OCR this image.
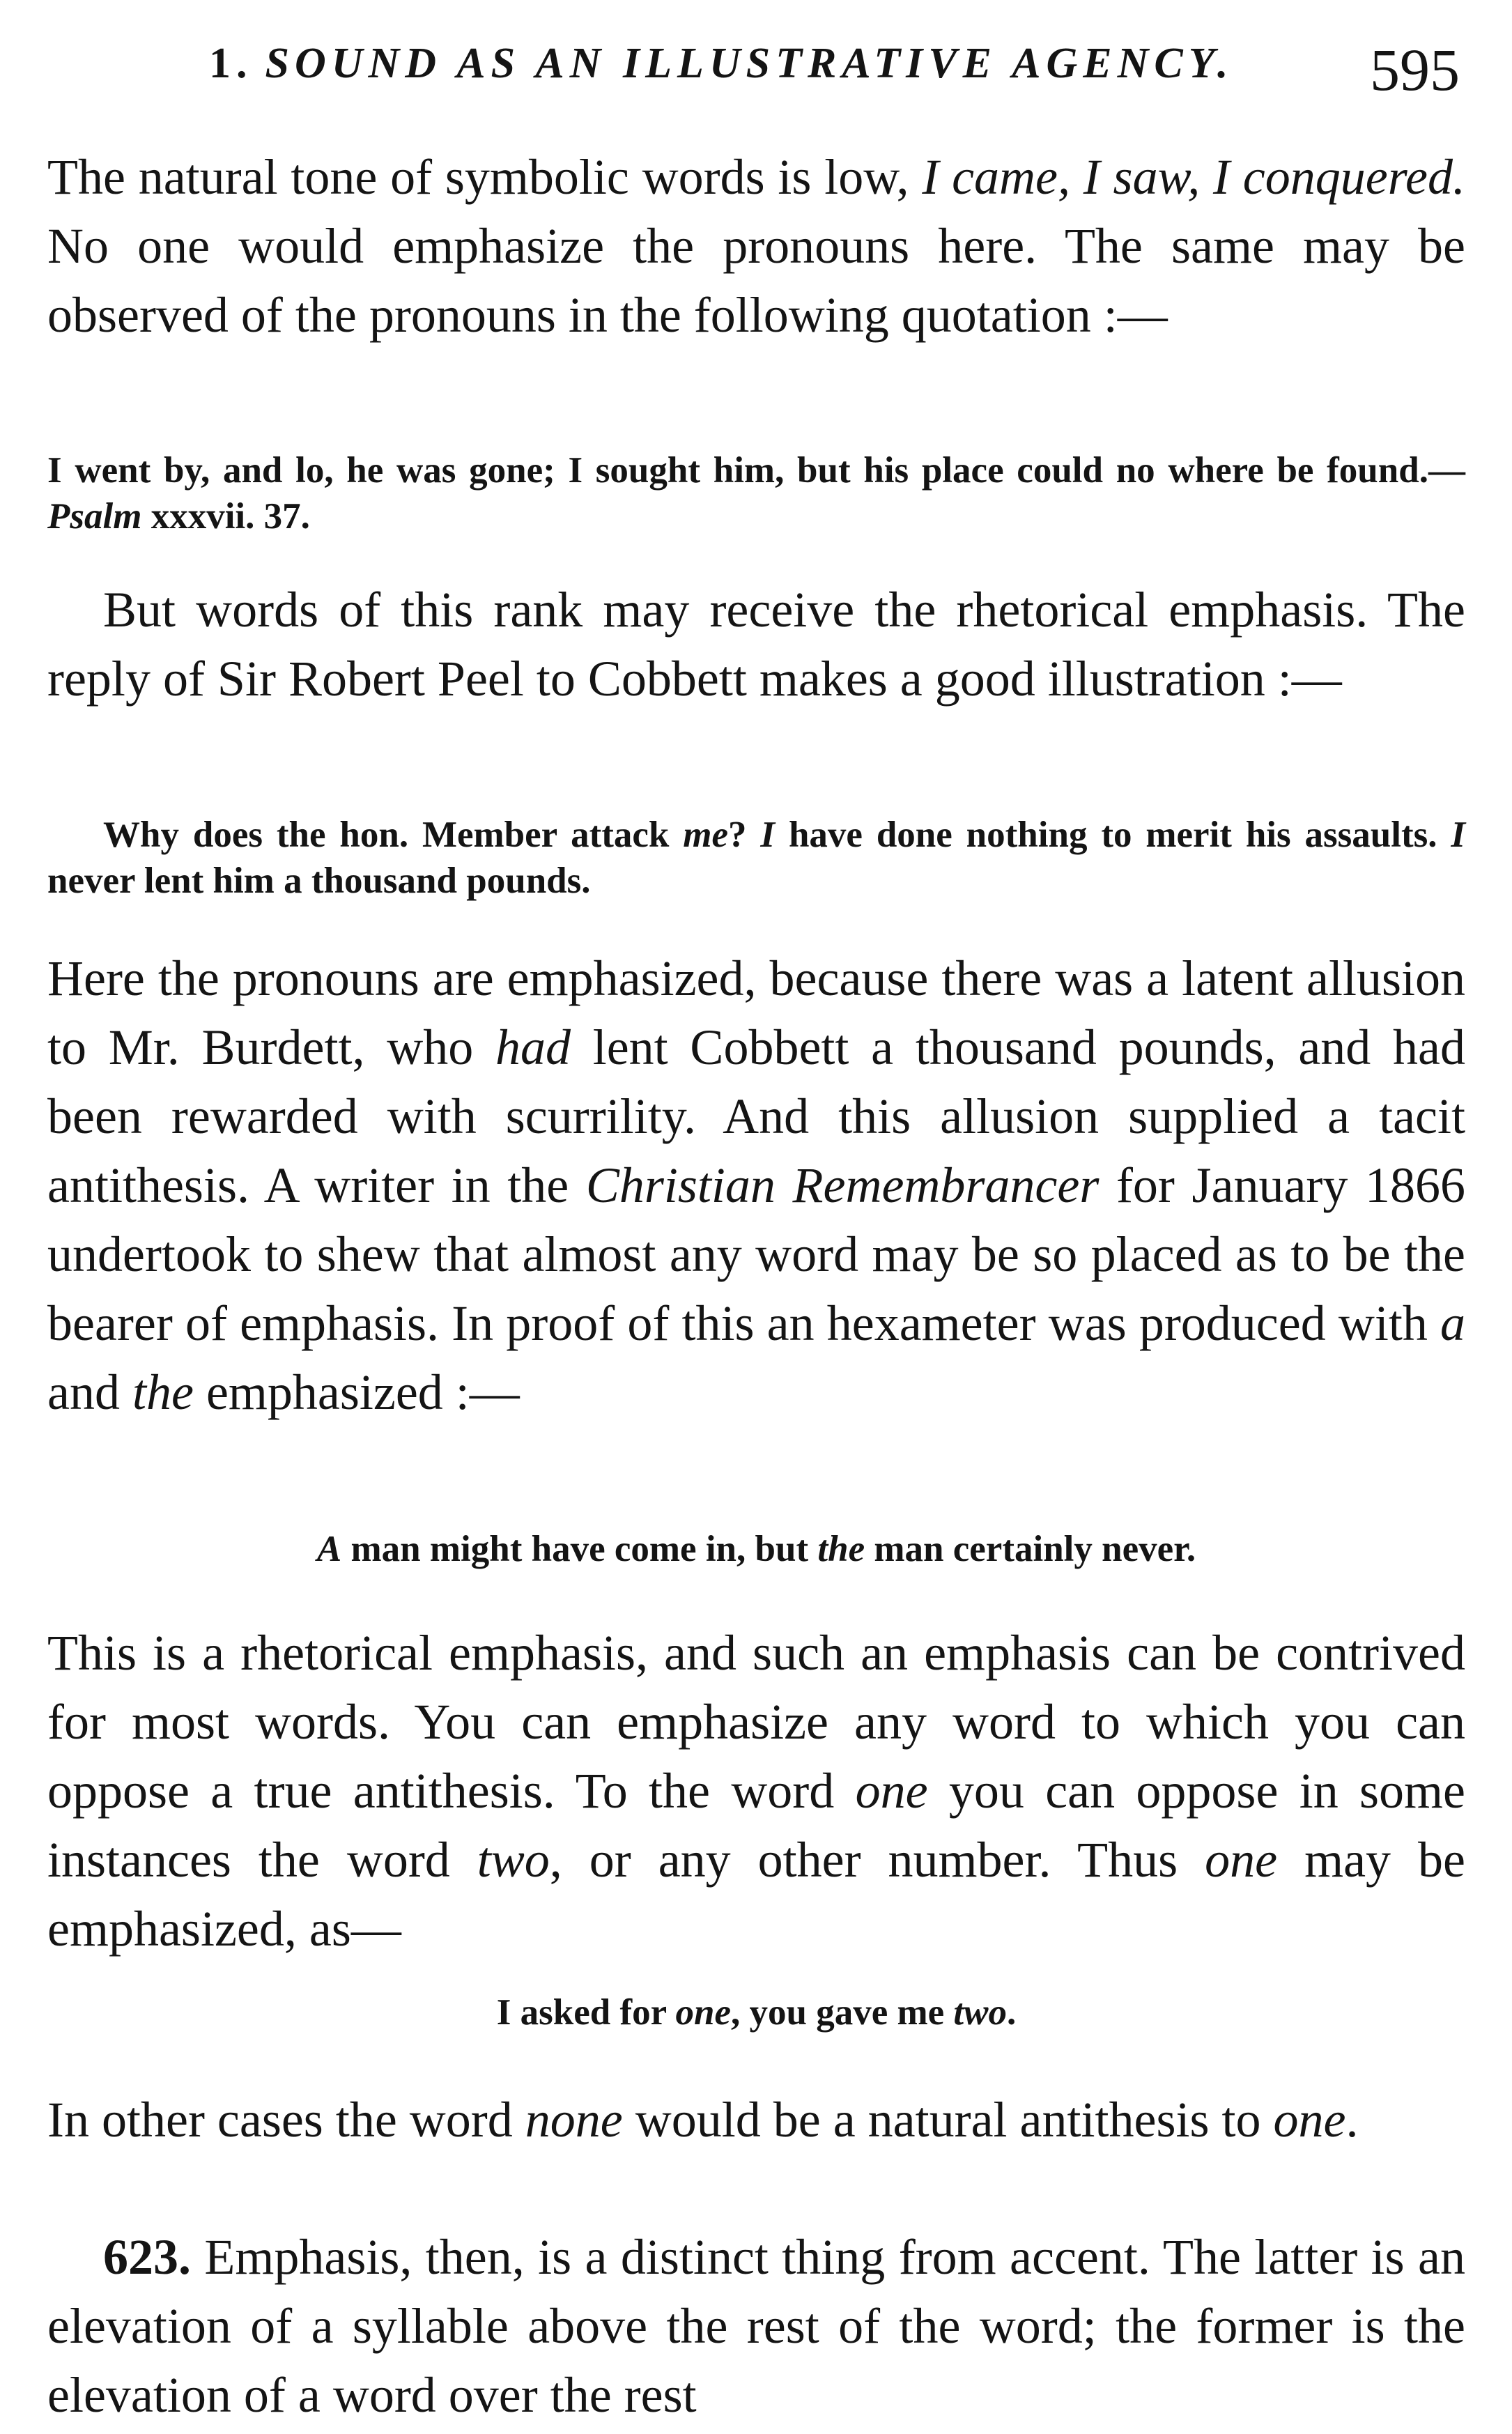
1. SOUND AS AN ILLUSTRATIVE AGENCY. 595

The natural tone of symbolic words is low, I came, I saw, I conquered. No one would emphasize the pronouns here. The same may be observed of the pronouns in the following quotation :—

I went by, and lo, he was gone; I sought him, but his place could no where be found.—Psalm xxxvii. 37.

But words of this rank may receive the rhetorical emphasis. The reply of Sir Robert Peel to Cobbett makes a good illustration :—

Why does the hon. Member attack me? I have done nothing to merit his assaults. I never lent him a thousand pounds.

Here the pronouns are emphasized, because there was a latent allusion to Mr. Burdett, who had lent Cobbett a thousand pounds, and had been rewarded with scurrility. And this allusion supplied a tacit antithesis. A writer in the Christian Remembrancer for January 1866 undertook to shew that almost any word may be so placed as to be the bearer of emphasis. In proof of this an hexameter was produced with a and the emphasized :—

A man might have come in, but the man certainly never.

This is a rhetorical emphasis, and such an emphasis can be contrived for most words. You can emphasize any word to which you can oppose a true antithesis. To the word one you can oppose in some instances the word two, or any other number. Thus one may be emphasized, as—

I asked for one, you gave me two.

In other cases the word none would be a natural antithesis to one.

623. Emphasis, then, is a distinct thing from accent. The latter is an elevation of a syllable above the rest of the word; the former is the elevation of a word over the rest
